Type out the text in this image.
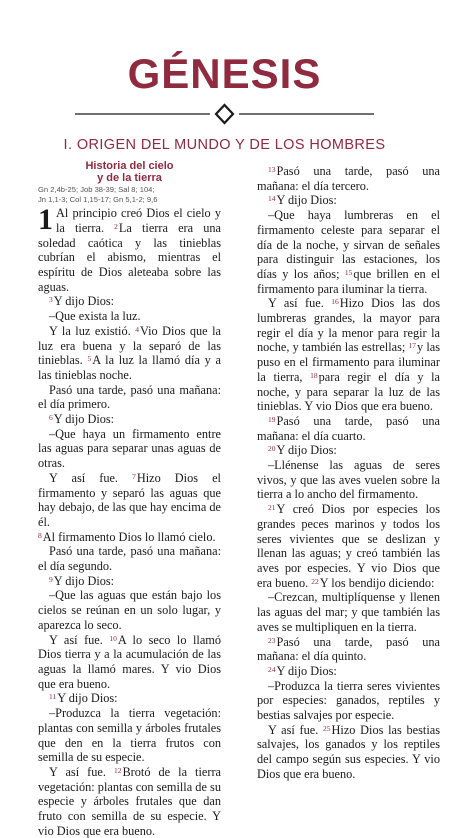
GÉNESIS
I. ORIGEN DEL MUNDO Y DE LOS HOMBRES
Historia del cielo
y de la tierra
Gn 2,4b-25; Job 38-39; Sal 8; 104;
Jn 1,1-3; Col 1,15-17; Gn 5,1-2; 9,6

1 Al principio creó Dios el cielo y la tierra. $^2$La tierra era una soledad caótica y las tinieblas cubrían el abismo, mientras el espíritu de Dios aleteaba sobre las aguas.

$^3$Y dijo Dios:

–Que exista la luz.

Y la luz existió. $^4$Vio Dios que la luz era buena y la separó de las tinieblas. $^5$A la luz la llamó día y a las tinieblas noche.

Pasó una tarde, pasó una mañana: el día primero.

$^6$Y dijo Dios:

–Que haya un firmamento entre las aguas para separar unas aguas de otras.

Y así fue. $^7$Hizo Dios el firmamento y separó las aguas que hay debajo, de las que hay encima de él.

$^8$Al firmamento Dios lo llamó cielo.

Pasó una tarde, pasó una mañana: el día segundo.

$^9$Y dijo Dios:

–Que las aguas que están bajo los cielos se reúnan en un solo lugar, y aparezca lo seco.

Y así fue. $^{10}$A lo seco lo llamó Dios tierra y a la acumulación de las aguas la llamó mares. Y vio Dios que era bueno.

$^{11}$Y dijo Dios:

–Produzca la tierra vegetación: plantas con semilla y árboles frutales que den en la tierra frutos con semilla de su especie.

Y así fue. $^{12}$Brotó de la tierra vegetación: plantas con semilla de su especie y árboles frutales que dan fruto con semilla de su especie. Y vio Dios que era bueno.

$^{13}$Pasó una tarde, pasó una mañana: el día tercero.

$^{14}$Y dijo Dios:

–Que haya lumbreras en el firmamento celeste para separar el día de la noche, y sirvan de señales para distinguir las estaciones, los días y los años; $^{15}$que brillen en el firmamento para iluminar la tierra.

Y así fue. $^{16}$Hizo Dios las dos lumbreras grandes, la mayor para regir el día y la menor para regir la noche, y también las estrellas; $^{17}$y las puso en el firmamento para iluminar la tierra, $^{18}$para regir el día y la noche, y para separar la luz de las tinieblas. Y vio Dios que era bueno.

$^{19}$Pasó una tarde, pasó una mañana: el día cuarto.

$^{20}$Y dijo Dios:

–Llénense las aguas de seres vivos, y que las aves vuelen sobre la tierra a lo ancho del firmamento.

$^{21}$Y creó Dios por especies los grandes peces marinos y todos los seres vivientes que se deslizan y llenan las aguas; y creó también las aves por especies. Y vio Dios que era bueno. $^{22}$Y los bendijo diciendo:

–Crezcan, multiplíquense y llenen las aguas del mar; y que también las aves se multipliquen en la tierra.

$^{23}$Pasó una tarde, pasó una mañana: el día quinto.

$^{24}$Y dijo Dios:

–Produzca la tierra seres vivientes por especies: ganados, reptiles y bestias salvajes por especie.

Y así fue. $^{25}$Hizo Dios las bestias salvajes, los ganados y los reptiles del campo según sus especies. Y vio Dios que era bueno.
